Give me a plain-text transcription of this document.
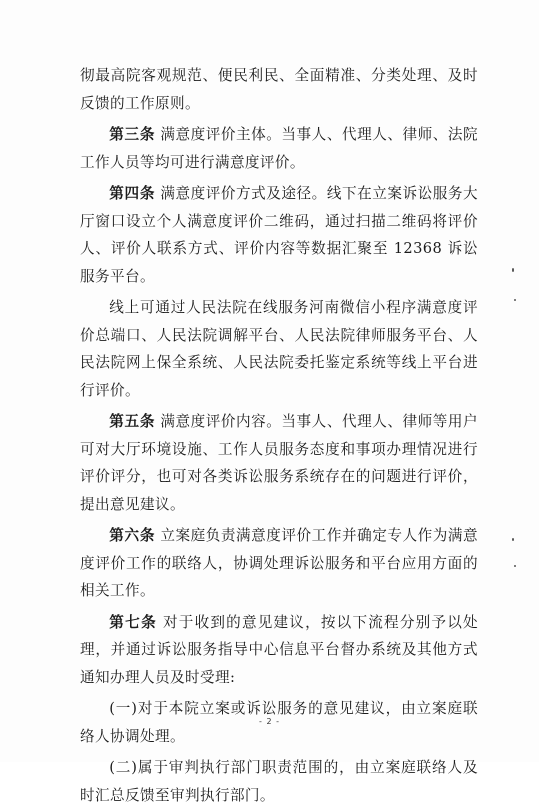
彻最高院客观规范、便民利民、全面精准、分类处理、及时反馈的工作原则。

第三条 满意度评价主体。当事人、代理人、律师、法院工作人员等均可进行满意度评价。

第四条 满意度评价方式及途径。线下在立案诉讼服务大厅窗口设立个人满意度评价二维码，通过扫描二维码将评价人、评价人联系方式、评价内容等数据汇聚至 12368 诉讼服务平台。

线上可通过人民法院在线服务河南微信小程序满意度评价总端口、人民法院调解平台、人民法院律师服务平台、人民法院网上保全系统、人民法院委托鉴定系统等线上平台进行评价。

第五条 满意度评价内容。当事人、代理人、律师等用户可对大厅环境设施、工作人员服务态度和事项办理情况进行评价评分，也可对各类诉讼服务系统存在的问题进行评价，提出意见建议。

第六条 立案庭负责满意度评价工作并确定专人作为满意度评价工作的联络人，协调处理诉讼服务和平台应用方面的相关工作。

第七条 对于收到的意见建议，按以下流程分别予以处理，并通过诉讼服务指导中心信息平台督办系统及其他方式通知办理人员及时受理:

(一)对于本院立案或诉讼服务的意见建议，由立案庭联络人协调处理。

(二)属于审判执行部门职责范围的，由立案庭联络人及时汇总反馈至审判执行部门。

- 2 -
